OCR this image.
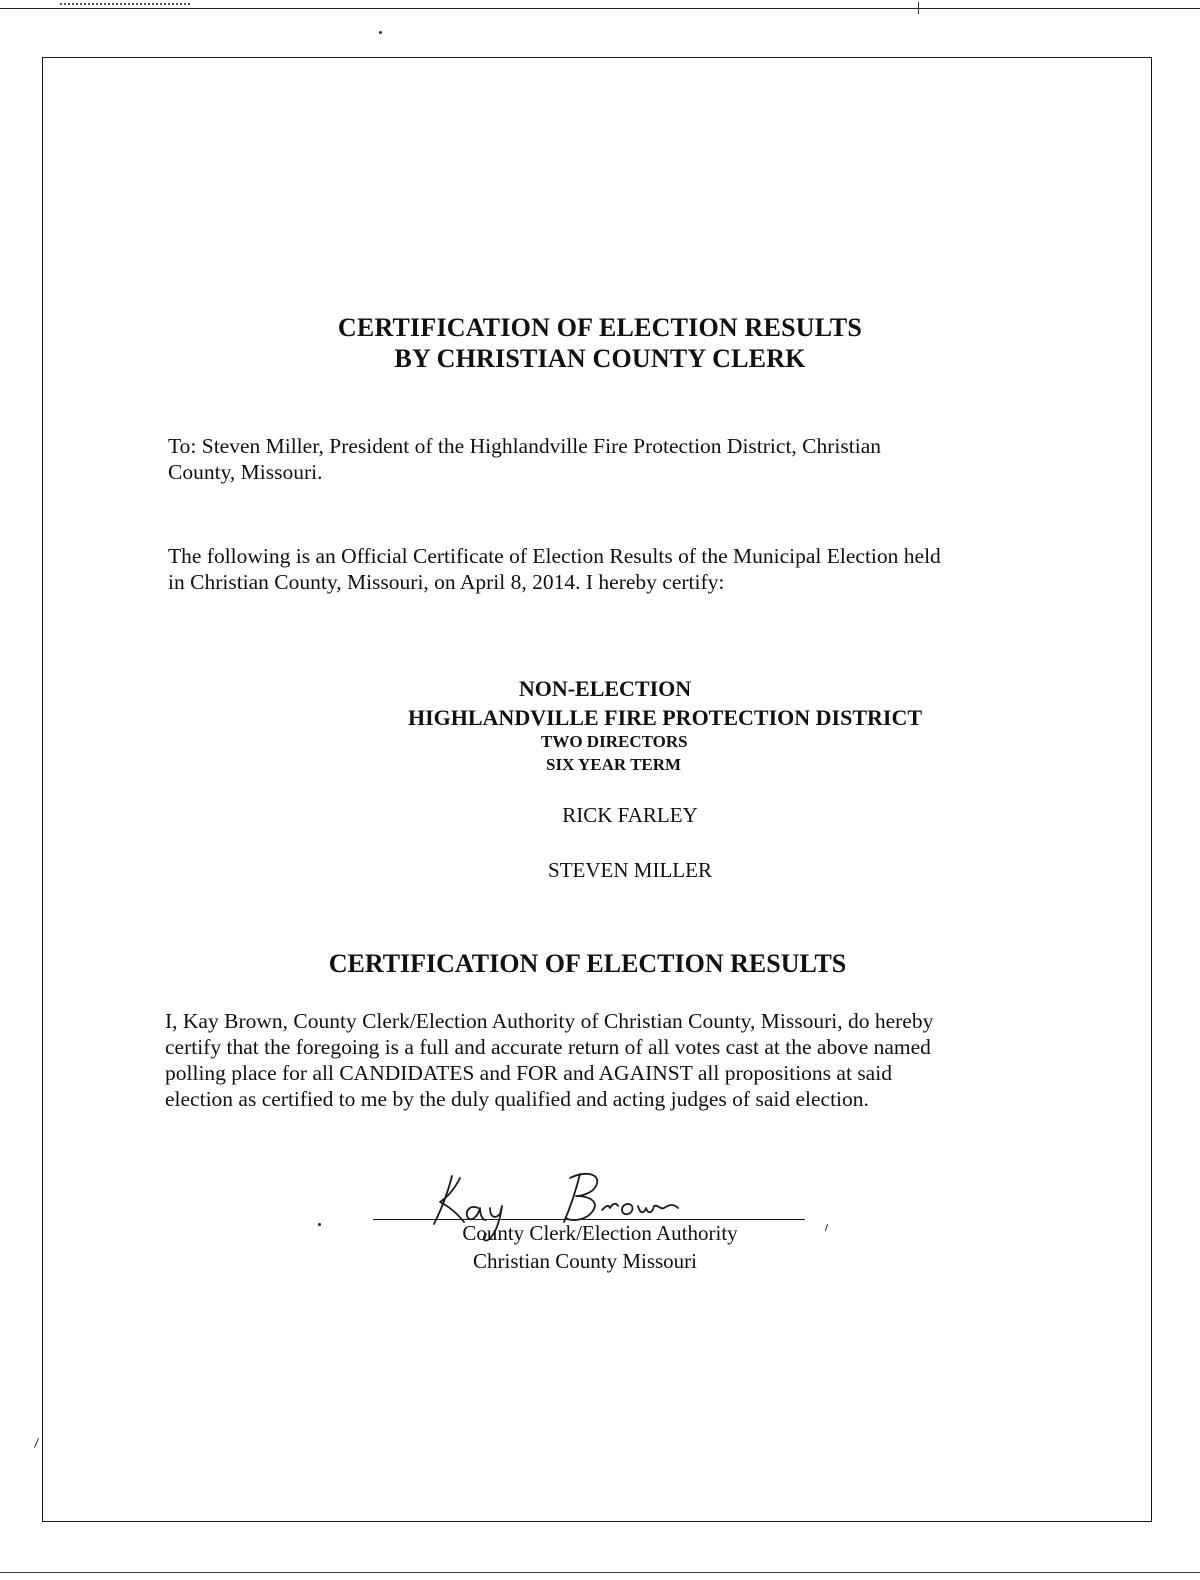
CERTIFICATION OF ELECTION RESULTS
BY CHRISTIAN COUNTY CLERK
To: Steven Miller, President of the Highlandville Fire Protection District, Christian
County, Missouri.
The following is an Official Certificate of Election Results of the Municipal Election held
in Christian County, Missouri, on April 8, 2014. I hereby certify:
NON-ELECTION
HIGHLANDVILLE FIRE PROTECTION DISTRICT
TWO DIRECTORS
SIX YEAR TERM
RICK FARLEY
STEVEN MILLER
CERTIFICATION OF ELECTION RESULTS
I, Kay Brown, County Clerk/Election Authority of Christian County, Missouri, do hereby
certify that the foregoing is a full and accurate return of all votes cast at the above named
polling place for all CANDIDATES and FOR and AGAINST all propositions at said
election as certified to me by the duly qualified and acting judges of said election.
County Clerk/Election Authority
Christian County Missouri
